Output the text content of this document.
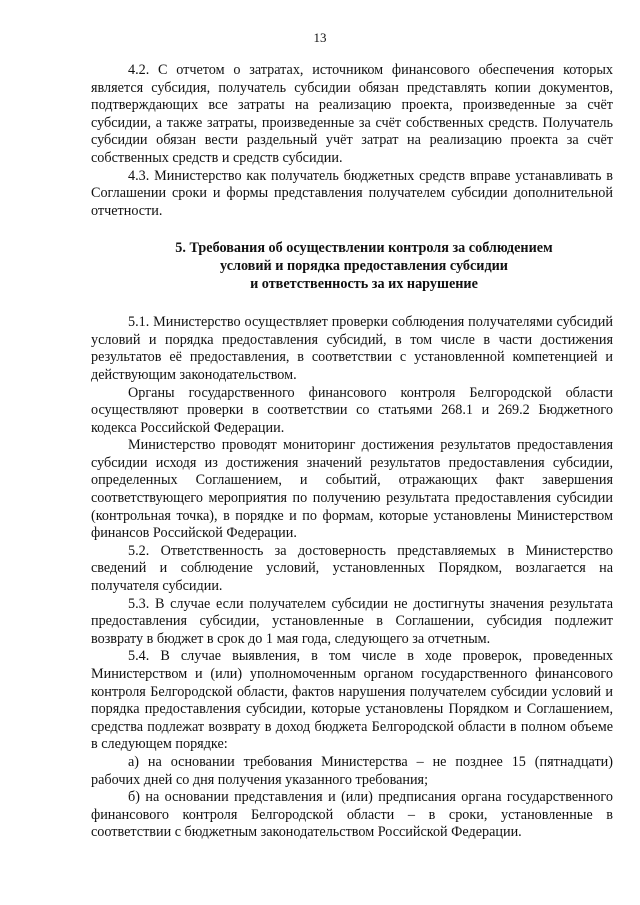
13

4.2. С отчетом о затратах, источником финансового обеспечения которых является субсидия, получатель субсидии обязан представлять копии документов, подтверждающих все затраты на реализацию проекта, произведенные за счёт субсидии, а также затраты, произведенные за счёт собственных средств. Получатель субсидии обязан вести раздельный учёт затрат на реализацию проекта за счёт собственных средств и средств субсидии.

4.3. Министерство как получатель бюджетных средств вправе устанавливать в Соглашении сроки и формы представления получателем субсидии дополнительной отчетности.

5. Требования об осуществлении контроля за соблюдением
условий и порядка предоставления субсидии
и ответственность за их нарушение

5.1. Министерство осуществляет проверки соблюдения получателями субсидий условий и порядка предоставления субсидий, в том числе в части достижения результатов её предоставления, в соответствии с установленной компетенцией и действующим законодательством.

Органы государственного финансового контроля Белгородской области осуществляют проверки в соответствии со статьями 268.1 и 269.2 Бюджетного кодекса Российской Федерации.

Министерство проводят мониторинг достижения результатов предоставления субсидии исходя из достижения значений результатов предоставления субсидии, определенных Соглашением, и событий, отражающих факт завершения соответствующего мероприятия по получению результата предоставления субсидии (контрольная точка), в порядке и по формам, которые установлены Министерством финансов Российской Федерации.

5.2. Ответственность за достоверность представляемых в Министерство сведений и соблюдение условий, установленных Порядком, возлагается на получателя субсидии.

5.3. В случае если получателем субсидии не достигнуты значения результата предоставления субсидии, установленные в Соглашении, субсидия подлежит возврату в бюджет в срок до 1 мая года, следующего за отчетным.

5.4. В случае выявления, в том числе в ходе проверок, проведенных Министерством и (или) уполномоченным органом государственного финансового контроля Белгородской области, фактов нарушения получателем субсидии условий и порядка предоставления субсидии, которые установлены Порядком и Соглашением, средства подлежат возврату в доход бюджета Белгородской области в полном объеме в следующем порядке:

а) на основании требования Министерства – не позднее 15 (пятнадцати) рабочих дней со дня получения указанного требования;

б) на основании представления и (или) предписания органа государственного финансового контроля Белгородской области – в сроки, установленные в соответствии с бюджетным законодательством Российской Федерации.
